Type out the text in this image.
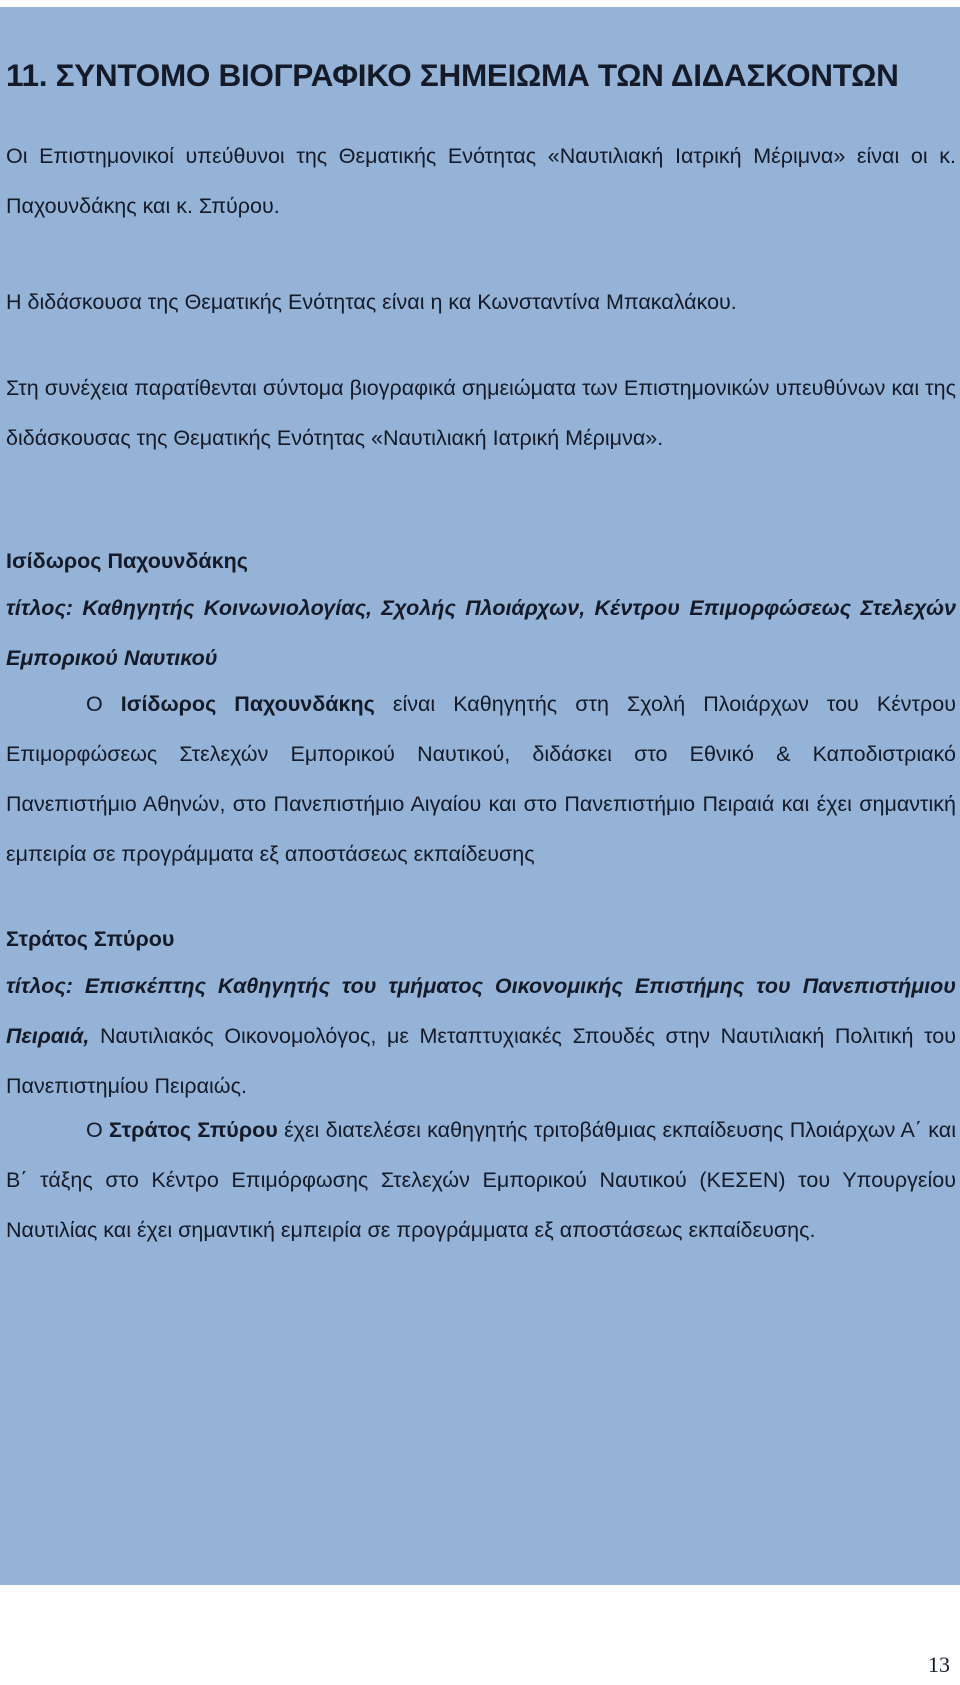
11. ΣΥΝΤΟΜΟ ΒΙΟΓΡΑΦΙΚΟ ΣΗΜΕΙΩΜΑ ΤΩΝ ΔΙΔΑΣΚΟΝΤΩΝ

Οι Επιστημονικοί υπεύθυνοι της Θεματικής Ενότητας «Ναυτιλιακή Ιατρική Μέριμνα» είναι οι κ. Παχουνδάκης και κ. Σπύρου.

Η διδάσκουσα της Θεματικής Ενότητας είναι η κα Κωνσταντίνα Μπακαλάκου.

Στη συνέχεια παρατίθενται σύντομα βιογραφικά σημειώματα των Επιστημονικών υπευθύνων και της διδάσκουσας της Θεματικής Ενότητας «Ναυτιλιακή Ιατρική Μέριμνα».

Ισίδωρος Παχουνδάκης

τίτλος: Καθηγητής Κοινωνιολογίας, Σχολής Πλοιάρχων, Κέντρου Επιμορφώσεως Στελεχών Εμπορικού Ναυτικού

Ο Ισίδωρος Παχουνδάκης είναι Καθηγητής στη Σχολή Πλοιάρχων του Κέντρου Επιμορφώσεως Στελεχών Εμπορικού Ναυτικού, διδάσκει στο Εθνικό & Καποδιστριακό Πανεπιστήμιο Αθηνών, στο Πανεπιστήμιο Αιγαίου και στο Πανεπιστήμιο Πειραιά και έχει σημαντική εμπειρία σε προγράμματα εξ αποστάσεως εκπαίδευσης

Στράτος Σπύρου

τίτλος: Επισκέπτης Καθηγητής του τμήματος Οικονομικής Επιστήμης του Πανεπιστήμιου Πειραιά, Ναυτιλιακός Οικονομολόγος, με Μεταπτυχιακές Σπουδές στην Ναυτιλιακή Πολιτική του Πανεπιστημίου Πειραιώς.

Ο Στράτος Σπύρου έχει διατελέσει καθηγητής τριτοβάθμιας εκπαίδευσης Πλοιάρχων Α΄ και Β΄ τάξης στο Κέντρο Επιμόρφωσης Στελεχών Εμπορικού Ναυτικού (ΚΕΣΕΝ) του Υπουργείου Ναυτιλίας και έχει σημαντική εμπειρία σε προγράμματα εξ αποστάσεως εκπαίδευσης.

13
